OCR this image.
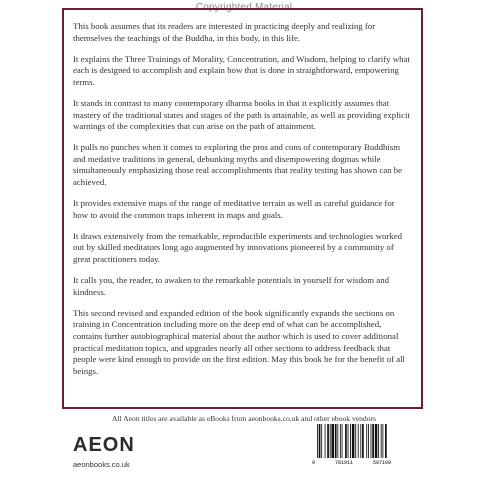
Copyrighted Material

This book assumes that its readers are interested in practicing deeply and realizing for themselves the teachings of the Buddha, in this body, in this life.

It explains the Three Trainings of Morality, Concentration, and Wisdom, helping to clarify what each is designed to accomplish and explain how that is done in straightforward, empowering terms.

It stands in contrast to many contemporary dharma books in that it explicitly assumes that mastery of the traditional states and stages of the path is attainable, as well as providing explicit warnings of the complexities that can arise on the path of attainment.

It pulls no punches when it comes to exploring the pros and cons of contemporary Buddhism and medative traditions in general, debunking myths and disempowering dogmas while simultaneously emphasizing those real accomplishments that reality testing has shown can be achieved.

It provides extensive maps of the range of meditative terrain as well as careful guidance for how to avoid the common traps inherent in maps and goals.

It draws extensively from the remarkable, reproducible experiments and technologies worked out by skilled meditators long ago augmented by innovations pioneered by a community of great practitioners today.

It calls you, the reader, to awaken to the remarkable potentials in yourself for wisdom and kindness.

This second revised and expanded edition of the book significantly expands the sections on training in Concentration including more on the deep end of what can be accomplished, contains further autobiographical material about the author which is used to cover additional practical meditation topics, and upgrades nearly all other sections to address feedback that people were kind enough to provide on the first edition. May this book be for the benefit of all beings.

All Aeon titles are available as eBooks from aeonbooks.co.uk and other ebook vendors
AEON
aeonbooks.co.uk	9	781911	597100
